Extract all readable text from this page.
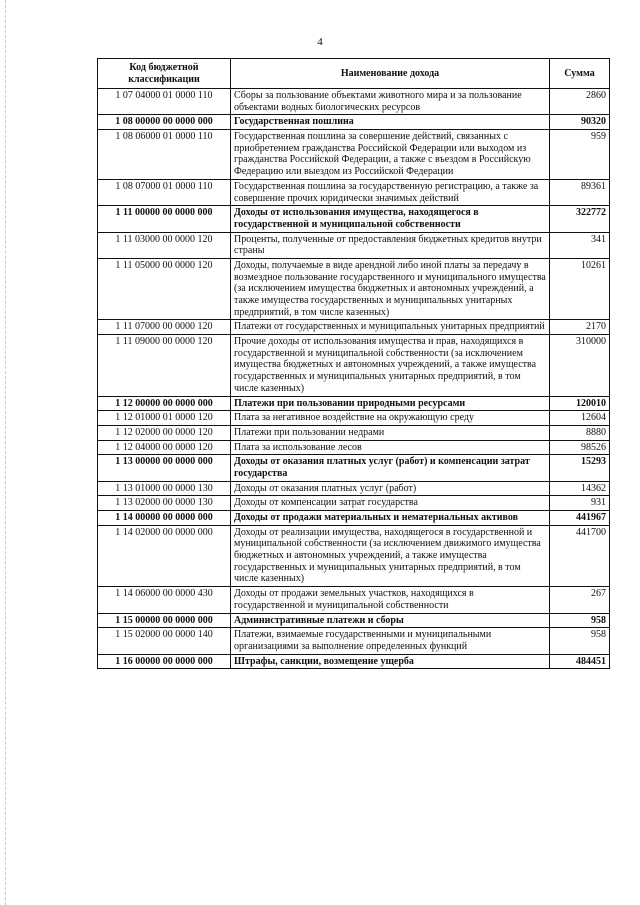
4
Код бюджетной классификации	Наименование дохода	Сумма
1 07 04000 01 0000 110	Сборы за пользование объектами животного мира и за пользование объектами водных биологических ресурсов	2860
1 08 00000 00 0000 000	Государственная пошлина	90320
1 08 06000 01 0000 110	Государственная пошлина за совершение действий, связанных с приобретением гражданства Российской Федерации или выходом из гражданства Российской Федерации, а также с въездом в Российскую Федерацию или выездом из Российской Федерации	959
1 08 07000 01 0000 110	Государственная пошлина за государственную регистрацию, а также за совершение прочих юридически значимых действий	89361
1 11 00000 00 0000 000	Доходы от использования имущества, находящегося в государственной и муниципальной собственности	322772
1 11 03000 00 0000 120	Проценты, полученные от предоставления бюджетных кредитов внутри страны	341
1 11 05000 00 0000 120	Доходы, получаемые в виде арендной либо иной платы за передачу в возмездное пользование государственного и муниципального имущества (за исключением имущества бюджетных и автономных учреждений, а также имущества государственных и муниципальных унитарных предприятий, в том числе казенных)	10261
1 11 07000 00 0000 120	Платежи от государственных и муниципальных унитарных предприятий	2170
1 11 09000 00 0000 120	Прочие доходы от использования имущества и прав, находящихся в государственной и муниципальной собственности (за исключением имущества бюджетных и автономных учреждений, а также имущества государственных и муниципальных унитарных предприятий, в том числе казенных)	310000
1 12 00000 00 0000 000	Платежи при пользовании природными ресурсами	120010
1 12 01000 01 0000 120	Плата за негативное воздействие на окружающую среду	12604
1 12 02000 00 0000 120	Платежи при пользовании недрами	8880
1 12 04000 00 0000 120	Плата за использование лесов	98526
1 13 00000 00 0000 000	Доходы от оказания платных услуг (работ) и компенсации затрат государства	15293
1 13 01000 00 0000 130	Доходы от оказания платных услуг (работ)	14362
1 13 02000 00 0000 130	Доходы от компенсации затрат государства	931
1 14 00000 00 0000 000	Доходы от продажи материальных и нематериальных активов	441967
1 14 02000 00 0000 000	Доходы от реализации имущества, находящегося в государственной и муниципальной собственности (за исключением движимого имущества бюджетных и автономных учреждений, а также имущества государственных и муниципальных унитарных предприятий, в том числе казенных)	441700
1 14 06000 00 0000 430	Доходы от продажи земельных участков, находящихся в государственной и муниципальной собственности	267
1 15 00000 00 0000 000	Административные платежи и сборы	958
1 15 02000 00 0000 140	Платежи, взимаемые государственными и муниципальными организациями за выполнение определенных функций	958
1 16 00000 00 0000 000	Штрафы, санкции, возмещение ущерба	484451
